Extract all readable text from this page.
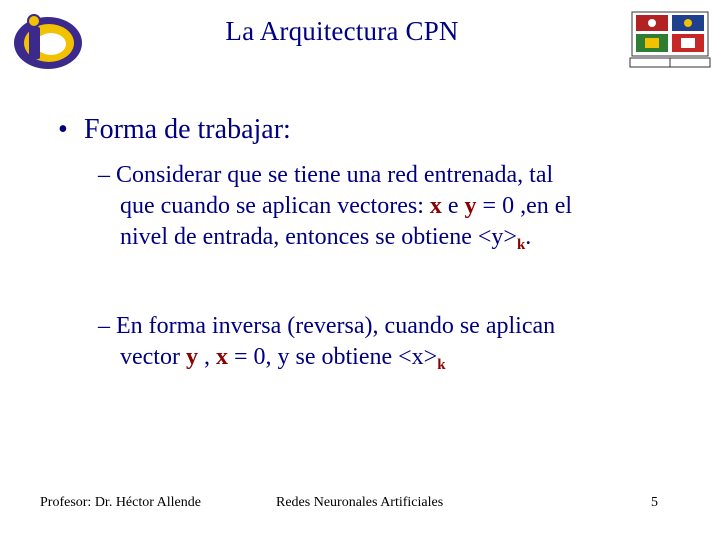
La Arquitectura CPN
• Forma de trabajar:
– Considerar que se tiene una red entrenada, tal
que cuando se aplican vectores: x e y = 0 ,en el
nivel de entrada, entonces se obtiene $<y>_k$.
– En forma inversa (reversa), cuando se aplican
vector y , x = 0, y se obtiene $<x>_k$
Profesor: Dr. Héctor Allende	Redes Neuronales Artificiales	5
